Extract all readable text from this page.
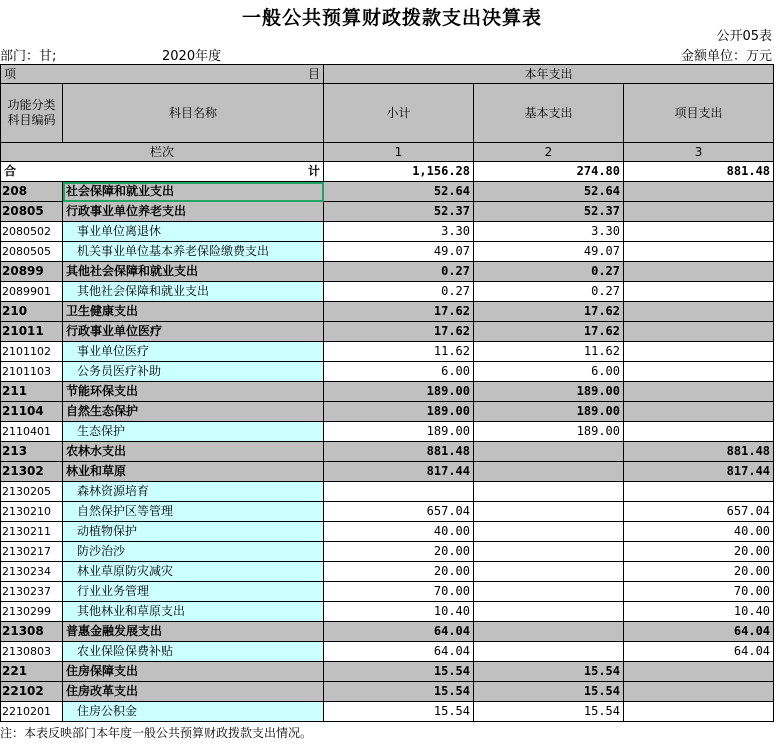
一般公共预算财政拨款支出决算表
公开05表
部门：甘;	2020年度	金额单位：万元
项 目		本年支出		
功能分类
科目编码	科目名称	小计	基本支出	项目支出
栏次		1	2	3

合 计		1,156.28	274.80	881.48
208	社会保障和就业支出	52.64	52.64	
20805	行政事业单位养老支出	52.37	52.37	
2080502	事业单位离退休	3.30	3.30	
2080505	机关事业单位基本养老保险缴费支出	49.07	49.07	
20899	其他社会保障和就业支出	0.27	0.27	
2089901	其他社会保障和就业支出	0.27	0.27	
210	卫生健康支出	17.62	17.62	
21011	行政事业单位医疗	17.62	17.62	
2101102	事业单位医疗	11.62	11.62	
2101103	公务员医疗补助	6.00	6.00	
211	节能环保支出	189.00	189.00	
21104	自然生态保护	189.00	189.00	
2110401	生态保护	189.00	189.00	
213	农林水支出	881.48		881.48
21302	林业和草原	817.44		817.44
2130205	森林资源培育			
2130210	自然保护区等管理	657.04		657.04
2130211	动植物保护	40.00		40.00
2130217	防沙治沙	20.00		20.00
2130234	林业草原防灾减灾	20.00		20.00
2130237	行业业务管理	70.00		70.00
2130299	其他林业和草原支出	10.40		10.40
21308	普惠金融发展支出	64.04		64.04
2130803	农业保险保费补贴	64.04		64.04
221	住房保障支出	15.54	15.54	
22102	住房改革支出	15.54	15.54	
2210201	住房公积金	15.54	15.54	
注：本表反映部门本年度一般公共预算财政拨款支出情况。
